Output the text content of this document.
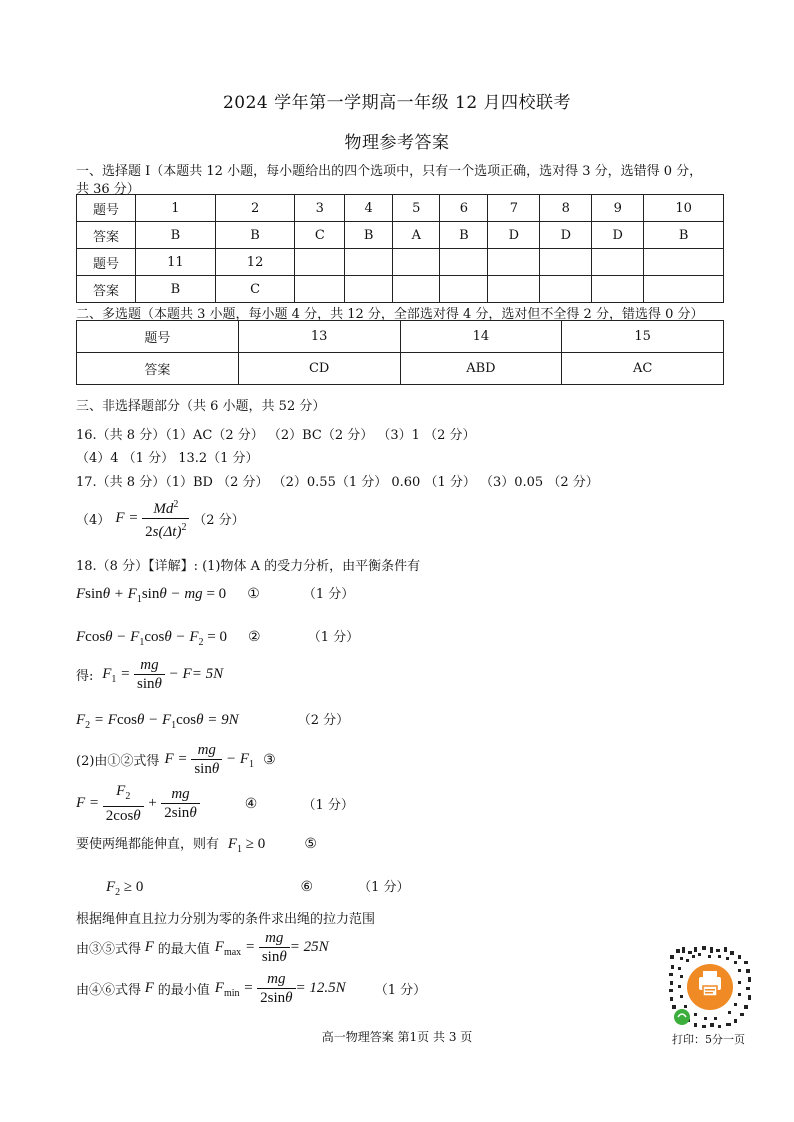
2024 学年第一学期高一年级 12 月四校联考
物理参考答案
一、选择题 I（本题共 12 小题，每小题给出的四个选项中，只有一个选项正确，选对得 3 分，选错得 0 分，
共 36 分）
题号	1	2	3	4	5	6	7	8	9	10
答案	B	B	C	B	A	B	D	D	D	B
题号	11	12								
答案	B	C								
二、多选题（本题共 3 小题，每小题 4 分，共 12 分，全部选对得 4 分，选对但不全得 2 分，错选得 0 分）
题号	13	14	15
答案	CD	ABD	AC
三、非选择题部分（共 6 小题，共 52 分）
16.（共 8 分）（1）AC（2 分） （2）BC（2 分） （3）1 （2 分）
（4）4 （1 分） 13.2（1 分）
17.（共 8 分）（1）BD （2 分） （2）0.55（1 分） 0.60 （1 分） （3）0.05 （2 分）
（4） $F = \frac{Md^2}{2s(\Delta t)^2} (2$ 分）
18.（8 分）【详解】: (1)物体 A 的受力分析，由平衡条件有
$Fsin\theta + F_1\sin\theta$ − mg = 0 ①	（1 分）
$Fcos\theta - F_1\cos\theta - F_2 = 0$ ②	（1 分）
得:  $F_1 = \frac{mg}{\sin\theta} - F= 5N$
$F_2 = Fcos\theta - F_1\cos\theta = 9N$	（2 分）
(2)由①②式得 $F = \frac{mg}{\sin\theta} - F_1$ ③
$F = \frac{F_2}{2\cos\theta} + \frac{mg}{2\sin\theta}$	④	（1 分）
要使两绳都能伸直，则有  $F_1 \ge 0$	⑤
$F_2 \ge 0$	⑥	（1 分）
根据绳伸直且拉力分别为零的条件求出绳的拉力范围
由③⑤式得 F 的最大值 $F_{max} = \frac{mg}{\sin\theta} = 25N$
由④⑥式得 F 的最小值 $F_{min} = \frac{mg}{2\sin\theta} = 12.5N$ （1 分）
打印：5分一页
高一物理答案 第1页 共 3 页
